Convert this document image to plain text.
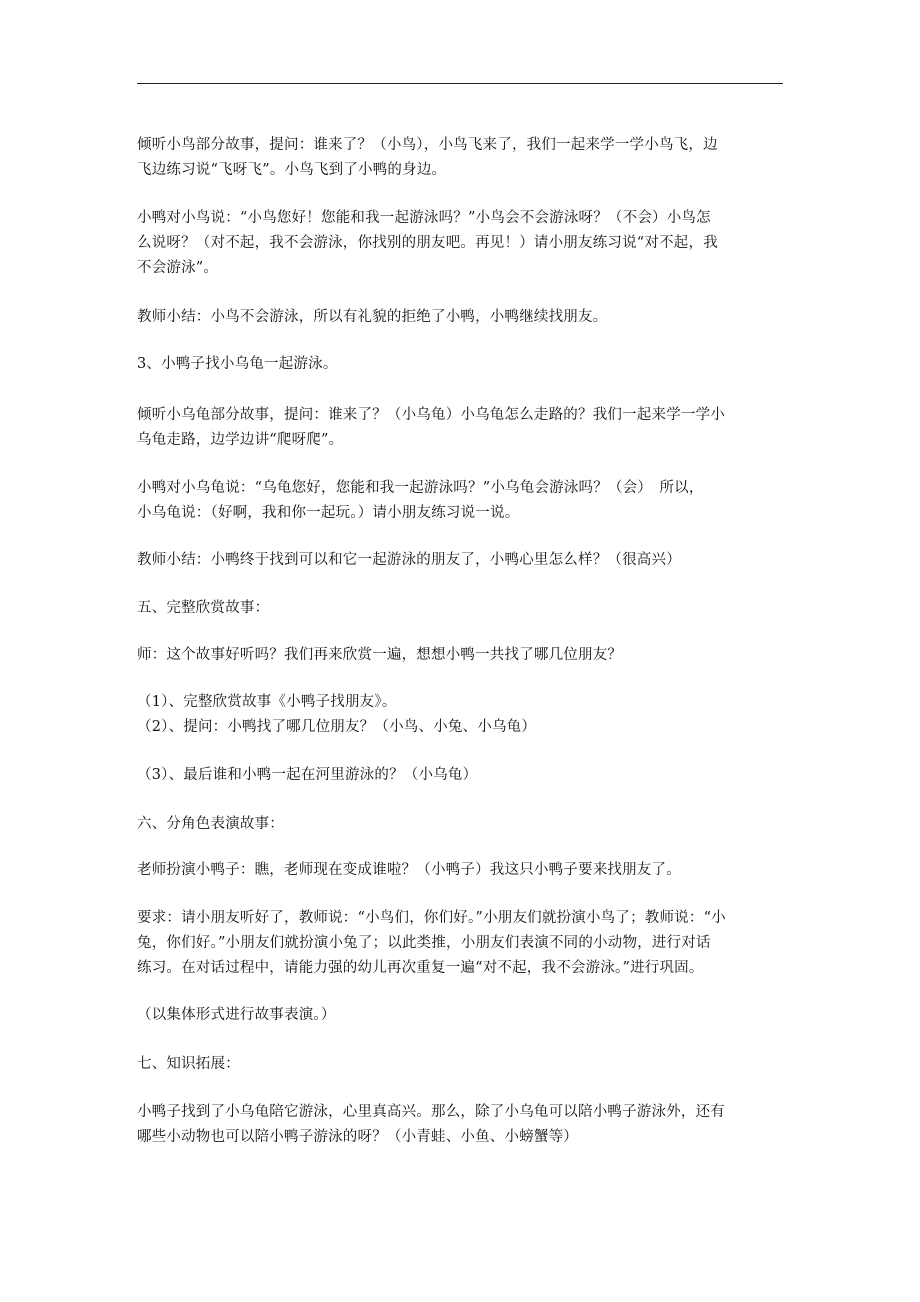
倾听小鸟部分故事，提问：谁来了？（小鸟），小鸟飞来了，我们一起来学一学小鸟飞，边
飞边练习说“飞呀飞”。小鸟飞到了小鸭的身边。
小鸭对小鸟说：“小鸟您好！您能和我一起游泳吗？”小鸟会不会游泳呀？（不会）小鸟怎
么说呀？（对不起，我不会游泳，你找别的朋友吧。再见！）请小朋友练习说“对不起，我
不会游泳”。
教师小结：小鸟不会游泳，所以有礼貌的拒绝了小鸭，小鸭继续找朋友。
3、小鸭子找小乌龟一起游泳。
倾听小乌龟部分故事，提问：谁来了？（小乌龟）小乌龟怎么走路的？我们一起来学一学小
乌龟走路，边学边讲“爬呀爬”。
小鸭对小乌龟说：“乌龟您好，您能和我一起游泳吗？”小乌龟会游泳吗？（会）　所以，
小乌龟说：（好啊，我和你一起玩。）请小朋友练习说一说。
教师小结：小鸭终于找到可以和它一起游泳的朋友了，小鸭心里怎么样？（很高兴）
五、完整欣赏故事：
师：这个故事好听吗？我们再来欣赏一遍，想想小鸭一共找了哪几位朋友？
（1）、完整欣赏故事《小鸭子找朋友》。
（2）、提问：小鸭找了哪几位朋友？（小鸟、小兔、小乌龟）
（3）、最后谁和小鸭一起在河里游泳的？（小乌龟）
六、分角色表演故事：
老师扮演小鸭子：瞧，老师现在变成谁啦？（小鸭子）我这只小鸭子要来找朋友了。
要求：请小朋友听好了，教师说：“小鸟们，你们好。”小朋友们就扮演小鸟了；教师说：“小
兔，你们好。”小朋友们就扮演小兔了；以此类推，小朋友们表演不同的小动物，进行对话
练习。在对话过程中，请能力强的幼儿再次重复一遍“对不起，我不会游泳。”进行巩固。
（以集体形式进行故事表演。）
七、知识拓展：
小鸭子找到了小乌龟陪它游泳，心里真高兴。那么，除了小乌龟可以陪小鸭子游泳外，还有
哪些小动物也可以陪小鸭子游泳的呀？（小青蛙、小鱼、小螃蟹等）
